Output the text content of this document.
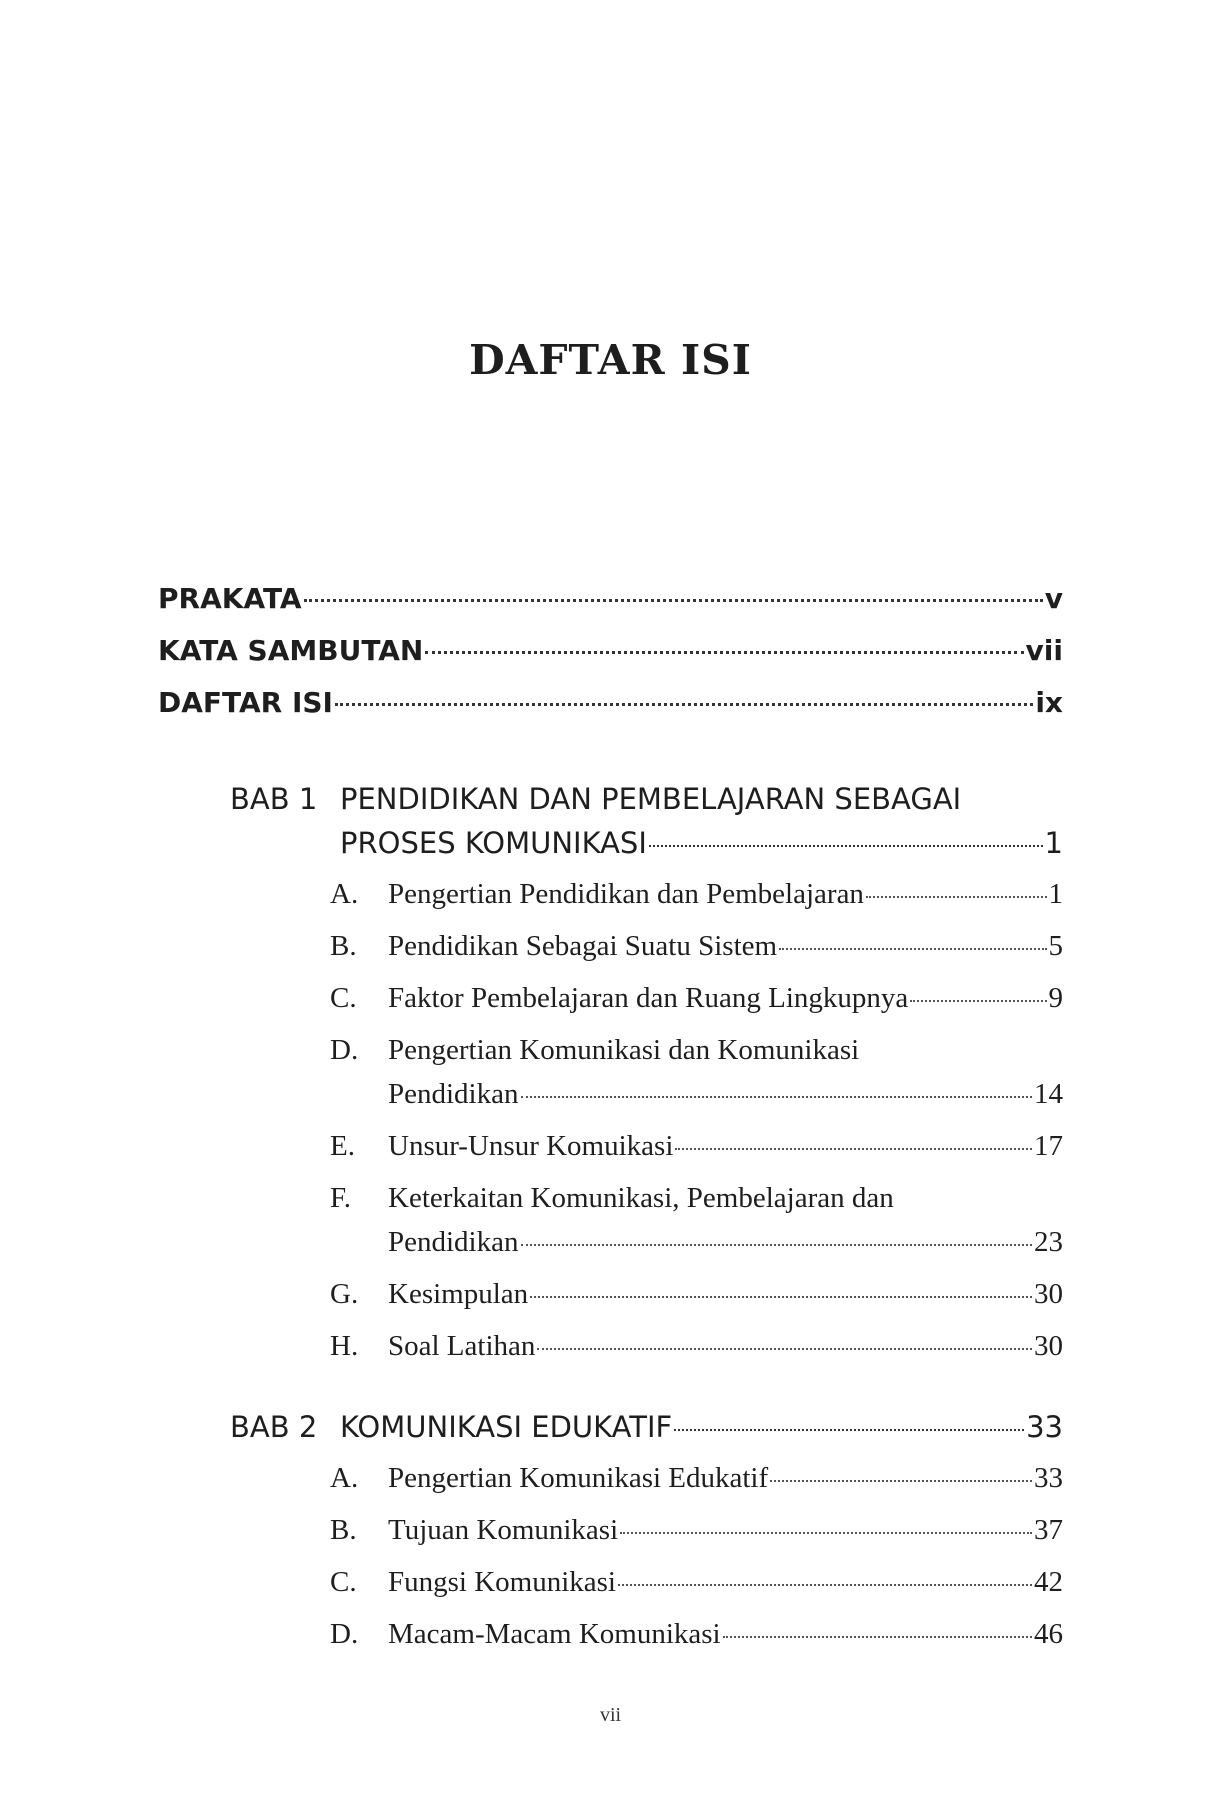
DAFTAR ISI
PRAKATA	v
KATA SAMBUTAN	vii
DAFTAR ISI	ix
BAB 1 PENDIDIKAN DAN PEMBELAJARAN SEBAGAI
PROSES KOMUNIKASI	1
A. Pengertian Pendidikan dan Pembelajaran	1
B. Pendidikan Sebagai Suatu Sistem	5
C. Faktor Pembelajaran dan Ruang Lingkupnya	9
D. Pengertian Komunikasi dan Komunikasi
Pendidikan	14
E. Unsur-Unsur Komuikasi	17
F. Keterkaitan Komunikasi, Pembelajaran dan
Pendidikan	23
G. Kesimpulan	30
H. Soal Latihan	30
BAB 2 KOMUNIKASI EDUKATIF	33
A. Pengertian Komunikasi Edukatif	33
B. Tujuan Komunikasi	37
C. Fungsi Komunikasi	42
D. Macam-Macam Komunikasi	46
vii
